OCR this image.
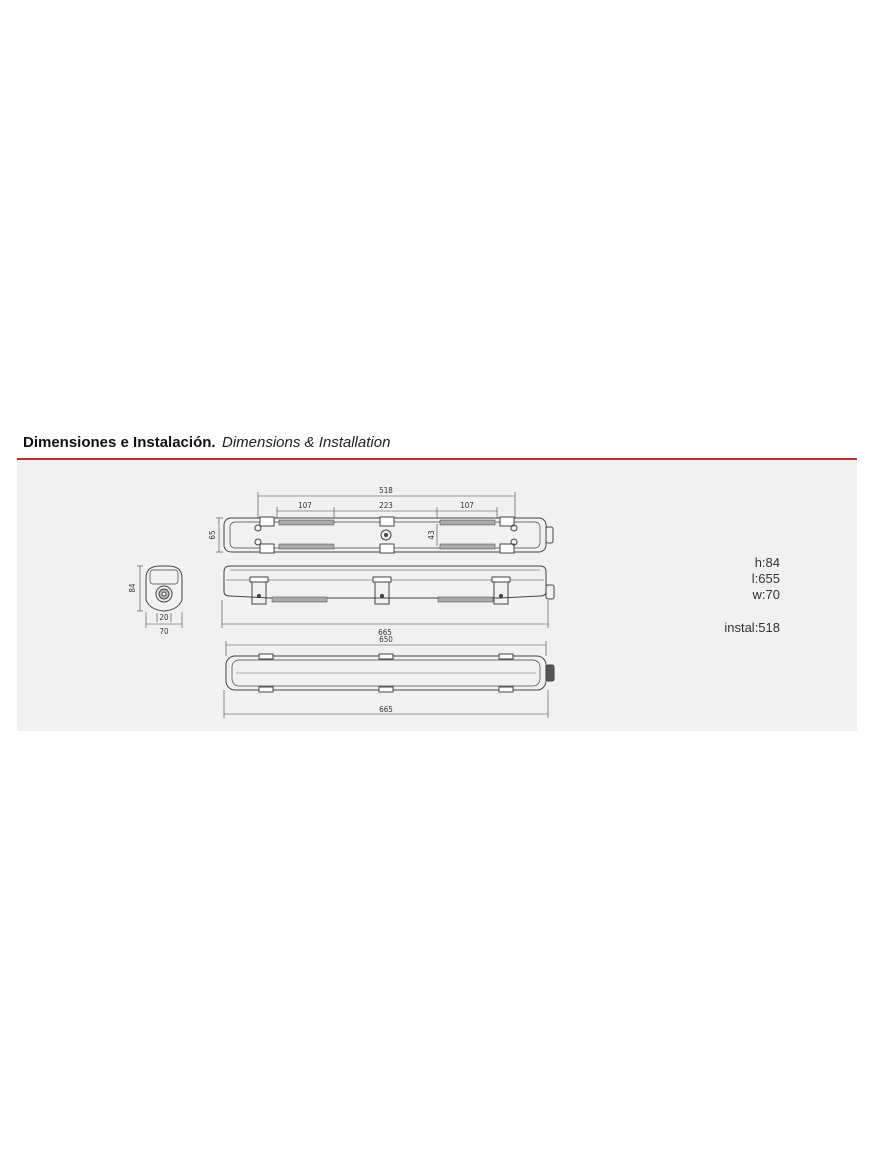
Dimensiones e Instalación. Dimensions & Installation
518
107	223	107
65	43
665
84
20
70
650
665
h:84
l:655
w:70
instal:518
